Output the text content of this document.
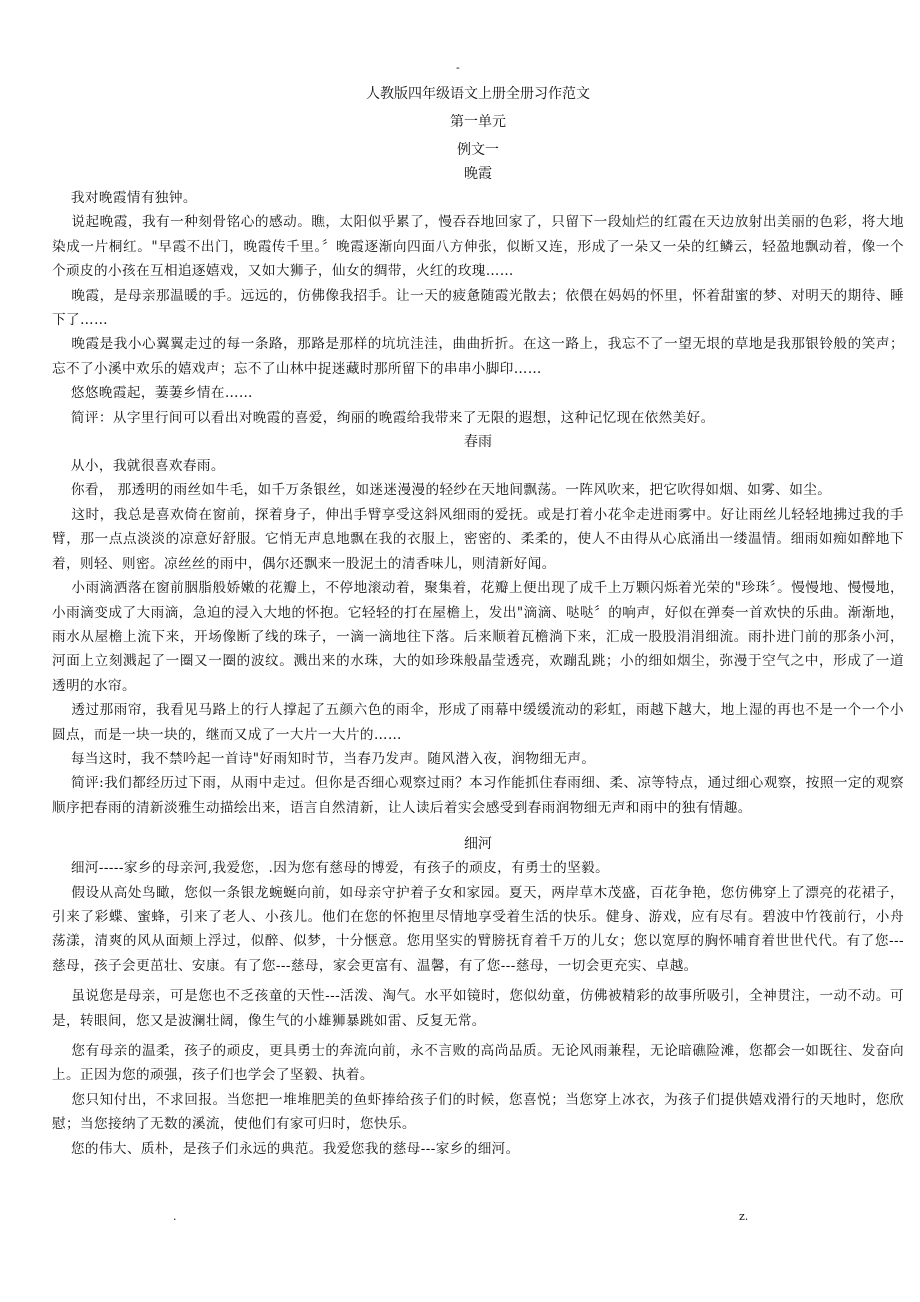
-

人教版四年级语文上册全册习作范文

第一单元

例文一

晚霞

我对晚霞情有独钟。

说起晚霞，我有一种刻骨铭心的感动。瞧，太阳似乎累了，慢吞吞地回家了，只留下一段灿烂的红霞在天边放射出美丽的色彩，将大地染成一片桐红。"早霞不出门，晚霞传千里。〞晚霞逐渐向四面八方伸张，似断又连，形成了一朵又一朵的红鳞云，轻盈地飘动着，像一个个顽皮的小孩在互相追逐嬉戏，又如大狮子，仙女的绸带，火红的玫瑰……

晚霞，是母亲那温暖的手。远远的，仿佛像我招手。让一天的疲惫随霞光散去；依偎在妈妈的怀里，怀着甜蜜的梦、对明天的期待、睡下了……

晚霞是我小心翼翼走过的每一条路，那路是那样的坑坑洼洼，曲曲折折。在这一路上，我忘不了一望无垠的草地是我那银铃般的笑声；忘不了小溪中欢乐的嬉戏声；忘不了山林中捉迷藏时那所留下的串串小脚印……

悠悠晚霞起，萋萋乡情在……

简评：从字里行间可以看出对晚霞的喜爱，绚丽的晚霞给我带来了无限的遐想，这种记忆现在依然美好。

春雨

从小，我就很喜欢春雨。

你看， 那透明的雨丝如牛毛，如千万条银丝，如迷迷漫漫的轻纱在天地间飘荡。一阵风吹来，把它吹得如烟、如雾、如尘。

这时，我总是喜欢倚在窗前，探着身子，伸出手臂享受这斜风细雨的爱抚。或是打着小花伞走进雨雾中。好让雨丝儿轻轻地拂过我的手臂，那一点点淡淡的凉意好舒服。它悄无声息地飘在我的衣服上，密密的、柔柔的，使人不由得从心底涌出一缕温情。细雨如痴如醉地下着，则轻、则密。凉丝丝的雨中，偶尔还飘来一股泥土的清香味儿，则清新好闻。

小雨滴洒落在窗前胭脂般娇嫩的花瓣上，不停地滚动着，聚集着，花瓣上便出现了成千上万颗闪烁着光荣的"珍珠〞。慢慢地、慢慢地，小雨滴变成了大雨滴，急迫的浸入大地的怀抱。它轻轻的打在屋檐上，发出"滴滴、哒哒〞的响声，好似在弹奏一首欢快的乐曲。渐渐地，雨水从屋檐上流下来，开场像断了线的珠子，一滴一滴地往下落。后来顺着瓦檐淌下来，汇成一股股涓涓细流。雨扑进门前的那条小河，河面上立刻溅起了一圈又一圈的波纹。溅出来的水珠，大的如珍珠般晶莹透亮，欢蹦乱跳；小的细如烟尘，弥漫于空气之中，形成了一道透明的水帘。

透过那雨帘，我看见马路上的行人撑起了五颜六色的雨伞，形成了雨幕中缓缓流动的彩虹，雨越下越大，地上湿的再也不是一个一个小圆点，而是一块一块的，继而又成了一大片一大片的……

每当这时，我不禁吟起一首诗"好雨知时节，当春乃发声。随风潜入夜，润物细无声。

简评:我们都经历过下雨，从雨中走过。但你是否细心观察过雨？本习作能抓住春雨细、柔、凉等特点，通过细心观察，按照一定的观察顺序把春雨的清新淡雅生动描绘出来，语言自然清新，让人读后着实会感受到春雨润物细无声和雨中的独有情趣。

细河

细河-----家乡的母亲河,我爱您，.因为您有慈母的博爱，有孩子的顽皮，有勇士的坚毅。

假设从高处鸟瞰，您似一条银龙蜿蜒向前，如母亲守护着子女和家园。夏天，两岸草木茂盛，百花争艳，您仿佛穿上了漂亮的花裙子，引来了彩蝶、蜜蜂，引来了老人、小孩儿。他们在您的怀抱里尽情地享受着生活的快乐。健身、游戏，应有尽有。碧波中竹筏前行，小舟荡漾，清爽的风从面颊上浮过，似醉、似梦，十分惬意。您用坚实的臂膀抚育着千万的儿女；您以宽厚的胸怀哺育着世世代代。有了您---慈母，孩子会更茁壮、安康。有了您---慈母，家会更富有、温馨，有了您---慈母，一切会更充实、卓越。

虽说您是母亲，可是您也不乏孩童的天性---活泼、淘气。水平如镜时，您似幼童，仿佛被精彩的故事所吸引，全神贯注，一动不动。可是，转眼间，您又是波澜壮阔，像生气的小雄狮暴跳如雷、反复无常。

您有母亲的温柔，孩子的顽皮，更具勇士的奔流向前，永不言败的高尚品质。无论风雨兼程，无论暗礁险滩，您都会一如既往、发奋向上。正因为您的顽强，孩子们也学会了坚毅、执着。

您只知付出，不求回报。当您把一堆堆肥美的鱼虾捧给孩子们的时候，您喜悦；当您穿上冰衣，为孩子们提供嬉戏滑行的天地时，您欣慰；当您接纳了无数的溪流，使他们有家可归时，您快乐。

您的伟大、质朴，是孩子们永远的典范。我爱您我的慈母---家乡的细河。

.	z.
